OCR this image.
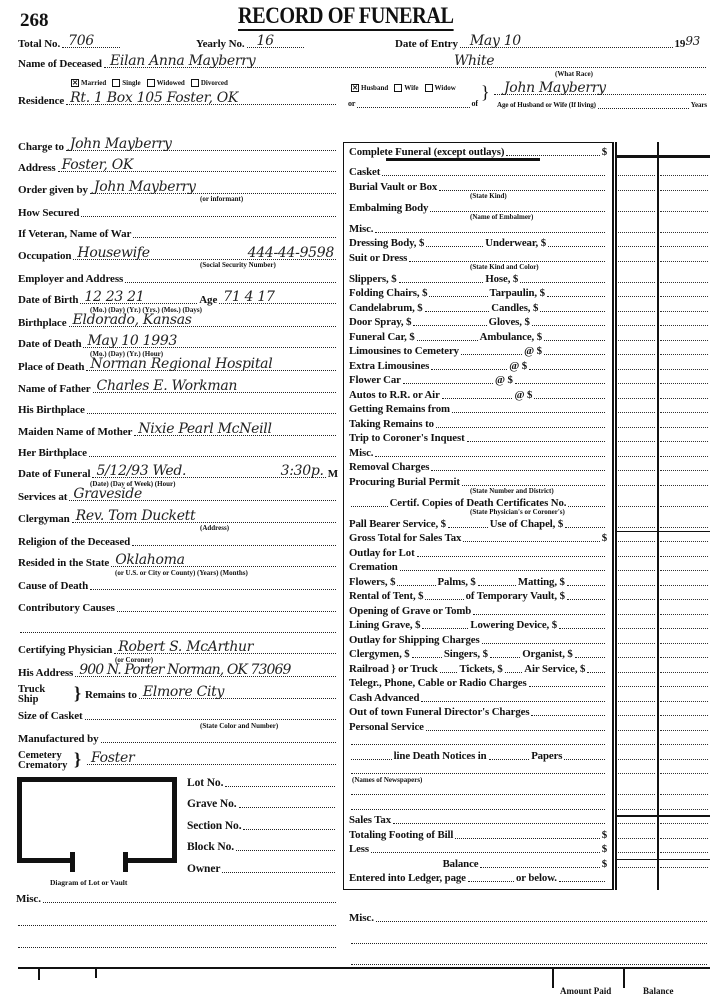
268	RECORD OF FUNERAL
Total No. 706	Yearly No. 16	Date of Entry May 10	19 93
Name of Deceased Eilan Anna Mayberry	White
(What Race)
✕ Married Single Widowed Divorced
Residence Rt. 1 Box 105 Foster, OK
✕ Husband Wife Widow
or	of
} John Mayberry
Age of Husband or Wife (If living)	Years
Charge to John Mayberry
Address Foster, OK
Order given by John Mayberry
(or informant)
How Secured
If Veteran, Name of War
Occupation Housewife	444-44-9598
(Social Security Number)
Employer and Address
Date of Birth 12 23 21	Age 71 4 17
(Mo.) (Day) (Yr.) (Yrs.) (Mos.) (Days)
Birthplace Eldorado, Kansas
Date of Death May 10 1993
(Mo.) (Day) (Yr.) (Hour)
Place of Death Norman Regional Hospital
Name of Father Charles E. Workman
His Birthplace
Maiden Name of Mother Nixie Pearl McNeill
Her Birthplace
Date of Funeral 5/12/93 Wed.	3:30p. M
(Date) (Day of Week) (Hour)
Services at Graveside
Clergyman Rev. Tom Duckett
(Address)
Religion of the Deceased
Resided in the State Oklahoma
(or U.S. or City or County) (Years) (Months)
Cause of Death
Contributory Causes
Certifying Physician Robert S. McArthur
(or Coroner)
His Address 900 N. Porter Norman, OK 73069
Truck
Ship	} Remains to Elmore City
Size of Casket
(State Color and Number)
Manufactured by
Cemetery
Crematory } Foster
Diagram of Lot or Vault
Lot No.
Grave No.
Section No.
Block No.
Owner
Misc.
Complete Funeral (except outlays)	$
Casket
Burial Vault or Box
(State Kind)
Embalming Body
(Name of Embalmer)
Misc.
Dressing Body, $	Underwear, $
Suit or Dress
(State Kind and Color)
Slippers, $	Hose, $
Folding Chairs, $	Tarpaulin, $
Candelabrum, $	Candles, $
Door Spray, $	Gloves, $
Funeral Car, $	Ambulance, $
Limousines to Cemetery	@ $
Extra Limousines	@ $
Flower Car	@ $
Autos to R.R. or Air	@ $
Getting Remains from
Taking Remains to
Trip to Coroner's Inquest
Misc.
Removal Charges
Procuring Burial Permit
(State Number and District)
Certif. Copies of Death Certificates No.
(State Physician's or Coroner's)
Pall Bearer Service, $	Use of Chapel, $
Gross Total for Sales Tax	$
Outlay for Lot
Cremation
Flowers, $	Palms, $	Matting, $
Rental of Tent, $	of Temporary Vault, $
Opening of Grave or Tomb
Lining Grave, $	Lowering Device, $
Outlay for Shipping Charges
Clergymen, $	Singers, $	Organist, $
Railroad } or Truck Tickets, $ Air Service, $
Telegr., Phone, Cable or Radio Charges
Cash Advanced
Out of town Funeral Director's Charges
Personal Service
line Death Notices in	Papers
(Names of Newspapers)
Sales Tax
Totaling Footing of Bill	$
Less	$
Balance	$
Entered into Ledger, page	or below.
Misc.
Amount Paid	Balance
